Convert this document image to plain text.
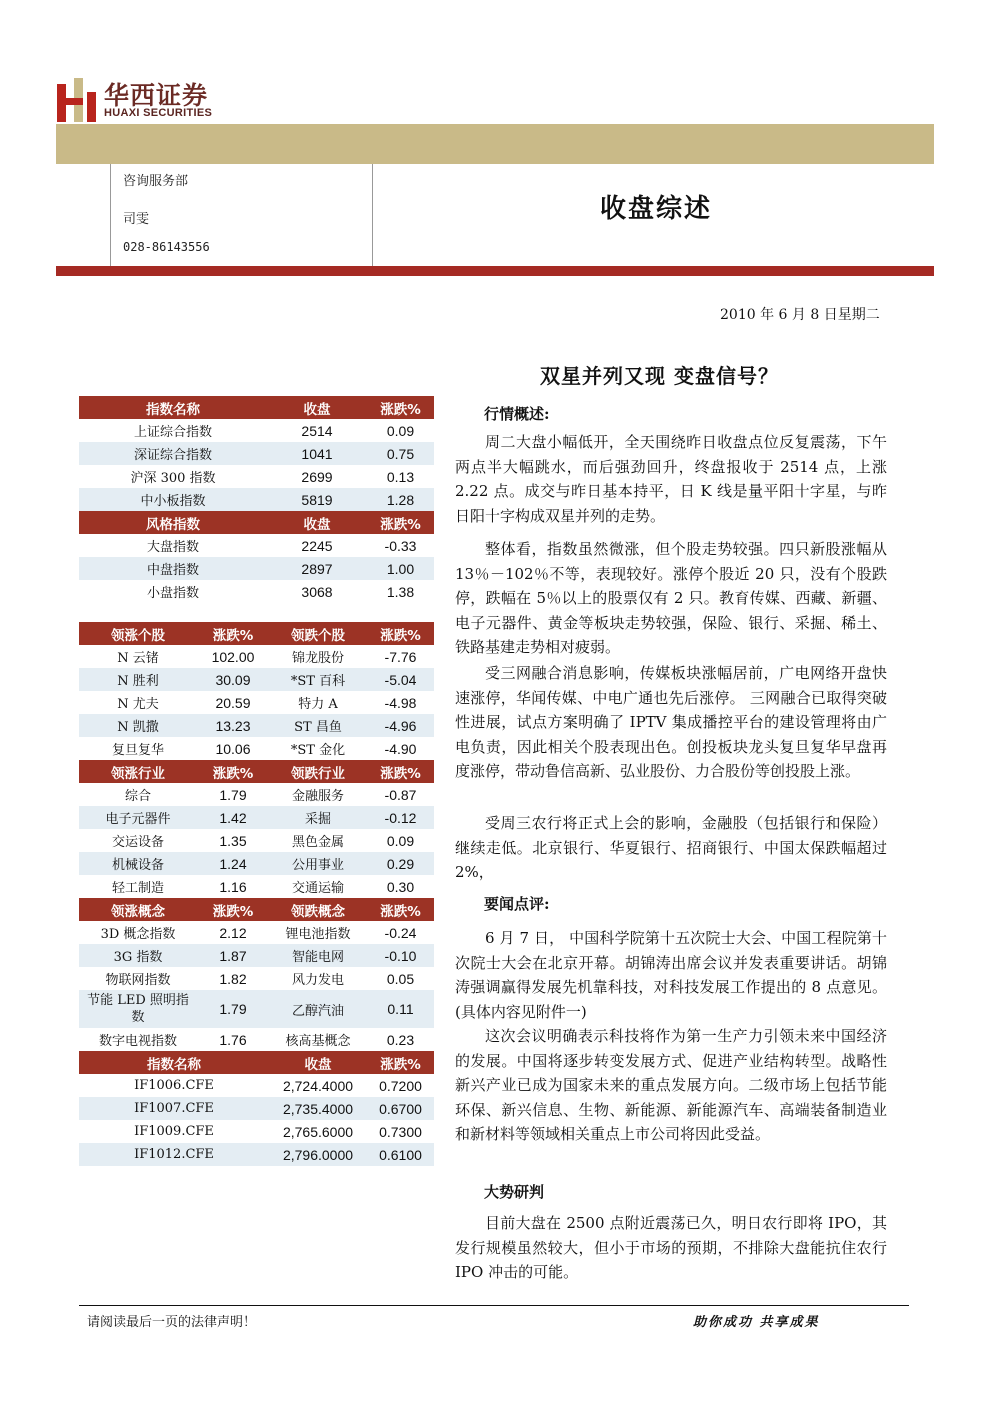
华西证券
HUAXI SECURITIES
咨询服务部
司雯
028-86143556
收盘综述
2010 年 6 月 8 日星期二
双星并列又现 变盘信号？
指数名称	收盘	涨跌%
上证综合指数	2514	0.09
深证综合指数	1041	0.75
沪深 300 指数	2699	0.13
中小板指数	5819	1.28
风格指数	收盘	涨跌%
大盘指数	2245	-0.33
中盘指数	2897	1.00
小盘指数	3068	1.38
领涨个股	涨跌%	领跌个股	涨跌%
N 云锗	102.00	锦龙股份	-7.76
N 胜利	30.09	*ST 百科	-5.04
N 尤夫	20.59	特力 A	-4.98
N 凯撒	13.23	ST 昌鱼	-4.96
复旦复华	10.06	*ST 金化	-4.90
领涨行业	涨跌%	领跌行业	涨跌%
综合	1.79	金融服务	-0.87
电子元器件	1.42	采掘	-0.12
交运设备	1.35	黑色金属	0.09
机械设备	1.24	公用事业	0.29
轻工制造	1.16	交通运输	0.30
领涨概念	涨跌%	领跌概念	涨跌%
3D 概念指数	2.12	锂电池指数	-0.24
3G 指数	1.87	智能电网	-0.10
物联网指数	1.82	风力发电	0.05
节能 LED 照明指数	1.79	乙醇汽油	0.11
数字电视指数	1.76	核高基概念	0.23
指数名称		收盘	涨跌%
IF1006.CFE		2,724.4000	0.7200
IF1007.CFE		2,735.4000	0.6700
IF1009.CFE		2,765.6000	0.7300
IF1012.CFE		2,796.0000	0.6100
行情概述:
周二大盘小幅低开，全天围绕昨日收盘点位反复震荡，下午两点半大幅跳水，而后强劲回升，终盘报收于 2514 点，上涨 2.22 点。成交与昨日基本持平，日 K 线是量平阳十字星，与昨日阳十字构成双星并列的走势。
整体看，指数虽然微涨，但个股走势较强。四只新股涨幅从 13％－102％不等，表现较好。涨停个股近 20 只，没有个股跌停，跌幅在 5％以上的股票仅有 2 只。教育传媒、西藏、新疆、电子元器件、黄金等板块走势较强，保险、银行、采掘、稀土、铁路基建走势相对疲弱。
受三网融合消息影响，传媒板块涨幅居前，广电网络开盘快速涨停，华闻传媒、中电广通也先后涨停。 三网融合已取得突破性进展，试点方案明确了 IPTV 集成播控平台的建设管理将由广电负责，因此相关个股表现出色。创投板块龙头复旦复华早盘再度涨停，带动鲁信高新、弘业股份、力合股份等创投股上涨。
受周三农行将正式上会的影响，金融股（包括银行和保险）继续走低。北京银行、华夏银行、招商银行、中国太保跌幅超过 2%，
要闻点评:
6 月 7 日， 中国科学院第十五次院士大会、中国工程院第十次院士大会在北京开幕。胡锦涛出席会议并发表重要讲话。胡锦涛强调赢得发展先机靠科技，对科技发展工作提出的 8 点意见。(具体内容见附件一)
这次会议明确表示科技将作为第一生产力引领未来中国经济的发展。中国将逐步转变发展方式、促进产业结构转型。战略性新兴产业已成为国家未来的重点发展方向。二级市场上包括节能环保、新兴信息、生物、新能源、新能源汽车、高端装备制造业和新材料等领域相关重点上市公司将因此受益。
大势研判
目前大盘在 2500 点附近震荡已久，明日农行即将 IPO，其发行规模虽然较大，但小于市场的预期，不排除大盘能抗住农行 IPO 冲击的可能。
请阅读最后一页的法律声明！	助你成功 共享成果
